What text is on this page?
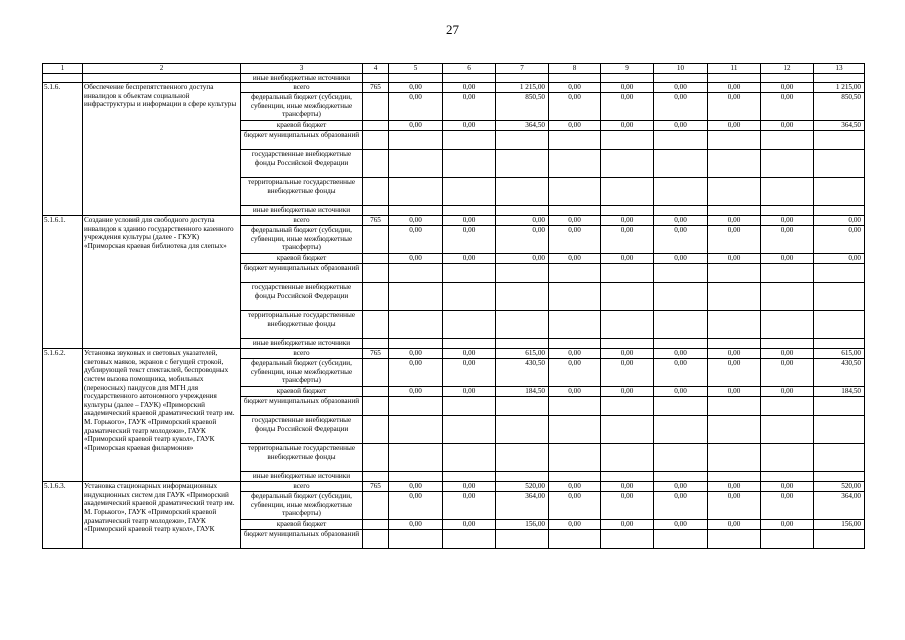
27
1	2	3	4	5	6	7	8	9	10	11	12	13
		иные внебюджетные источники										
5.1.6.	Обеспечение беспрепятственного доступа инвалидов к объектам социальной инфраструктуры и информации в сфере культуры	всего	765	0,00	0,00	1 215,00	0,00	0,00	0,00	0,00	0,00	1 215,00
		федеральный бюджет (субсидии, субвенции, иные межбюджетные трансферты)		0,00	0,00	850,50	0,00	0,00	0,00	0,00	0,00	850,50
		краевой бюджет		0,00	0,00	364,50	0,00	0,00	0,00	0,00	0,00	364,50
		бюджет муниципальных образований										
		государственные внебюджетные фонды Российской Федерации										
		территориальные государственные внебюджетные фонды										
		иные внебюджетные источники										
5.1.6.1.	Создание условий для свободного доступа инвалидов к зданию государственного казенного учреждения культуры (далее - ГКУК) «Приморская краевая библиотека для слепых»	всего	765	0,00	0,00	0,00	0,00	0,00	0,00	0,00	0,00	0,00
		федеральный бюджет (субсидии, субвенции, иные межбюджетные трансферты)		0,00	0,00	0,00	0,00	0,00	0,00	0,00	0,00	0,00
		краевой бюджет		0,00	0,00	0,00	0,00	0,00	0,00	0,00	0,00	0,00
		бюджет муниципальных образований										
		государственные внебюджетные фонды Российской Федерации										
		территориальные государственные внебюджетные фонды										
		иные внебюджетные источники										
5.1.6.2.	Установка звуковых и световых указателей, световых маяков, экранов с бегущей строкой, дублирующей текст спектаклей, беспроводных систем вызова помощника, мобильных (переносных) пандусов для МГН для государственного автономного учреждения культуры (далее – ГАУК) «Приморский академический краевой драматический театр им. М. Горького», ГАУК «Приморский краевой драматический театр молодежи», ГАУК «Приморский краевой театр кукол», ГАУК «Приморская краевая филармония»	всего	765	0,00	0,00	615,00	0,00	0,00	0,00	0,00	0,00	615,00
		федеральный бюджет (субсидии, субвенции, иные межбюджетные трансферты)		0,00	0,00	430,50	0,00	0,00	0,00	0,00	0,00	430,50
		краевой бюджет		0,00	0,00	184,50	0,00	0,00	0,00	0,00	0,00	184,50
		бюджет муниципальных образований										
		государственные внебюджетные фонды Российской Федерации										
		территориальные государственные внебюджетные фонды										
		иные внебюджетные источники										
5.1.6.3.	Установка стационарных информационных индукционных систем для ГАУК «Приморский академический краевой драматический театр им. М. Горького», ГАУК «Приморский краевой драматический театр молодежи», ГАУК «Приморский краевой театр кукол», ГАУК	всего	765	0,00	0,00	520,00	0,00	0,00	0,00	0,00	0,00	520,00
		федеральный бюджет (субсидии, субвенции, иные межбюджетные трансферты)		0,00	0,00	364,00	0,00	0,00	0,00	0,00	0,00	364,00
		краевой бюджет		0,00	0,00	156,00	0,00	0,00	0,00	0,00	0,00	156,00
		бюджет муниципальных образований										
